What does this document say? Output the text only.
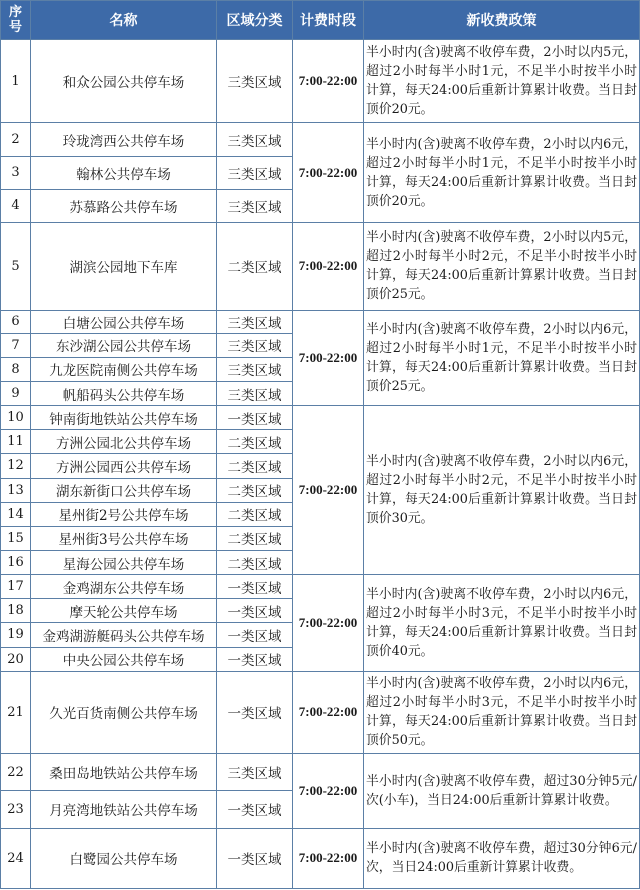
序号	名称	区域分类	计费时段	新收费政策
1	和众公园公共停车场	三类区域	7:00-22:00	半小时内(含)驶离不收停车费，2小时以内5元，超过2小时每半小时1元，不足半小时按半小时计算，每天24:00后重新计算累计收费。当日封顶价20元。
2	玲珑湾西公共停车场	三类区域	7:00-22:00	半小时内(含)驶离不收停车费，2小时以内6元，超过2小时每半小时1元，不足半小时按半小时计算，每天24:00后重新计算累计收费。当日封顶价20元。
3	翰林公共停车场	三类区域		
4	苏慕路公共停车场	三类区域		
5	湖滨公园地下车库	二类区域	7:00-22:00	半小时内(含)驶离不收停车费，2小时以内5元，超过2小时每半小时2元，不足半小时按半小时计算，每天24:00后重新计算累计收费。当日封顶价25元。
6	白塘公园公共停车场	三类区域	7:00-22:00	半小时内(含)驶离不收停车费，2小时以内6元，超过2小时每半小时1元，不足半小时按半小时计算，每天24:00后重新计算累计收费。当日封顶价25元。
7	东沙湖公园公共停车场	三类区域		
8	九龙医院南侧公共停车场	三类区域		
9	帆船码头公共停车场	三类区域		
10	钟南街地铁站公共停车场	一类区域	7:00-22:00	半小时内(含)驶离不收停车费，2小时以内6元，超过2小时每半小时2元，不足半小时按半小时计算，每天24:00后重新计算累计收费。当日封顶价30元。
11	方洲公园北公共停车场	二类区域		
12	方洲公园西公共停车场	二类区域		
13	湖东新街口公共停车场	二类区域		
14	星州街2号公共停车场	二类区域		
15	星州街3号公共停车场	二类区域		
16	星海公园公共停车场	二类区域		
17	金鸡湖东公共停车场	一类区域	7:00-22:00	半小时内(含)驶离不收停车费，2小时以内6元，超过2小时每半小时3元，不足半小时按半小时计算，每天24:00后重新计算累计收费。当日封顶价40元。
18	摩天轮公共停车场	一类区域		
19	金鸡湖游艇码头公共停车场	一类区域		
20	中央公园公共停车场	一类区域		
21	久光百货南侧公共停车场	一类区域	7:00-22:00	半小时内(含)驶离不收停车费，2小时以内6元，超过2小时每半小时3元，不足半小时按半小时计算，每天24:00后重新计算累计收费。当日封顶价50元。
22	桑田岛地铁站公共停车场	三类区域	7:00-22:00	半小时内(含)驶离不收停车费，超过30分钟5元/次(小车)，当日24:00后重新计算累计收费。
23	月亮湾地铁站公共停车场	一类区域		
24	白鹭园公共停车场	一类区域	7:00-22:00	半小时内(含)驶离不收停车费，超过30分钟6元/次，当日24:00后重新计算累计收费。
